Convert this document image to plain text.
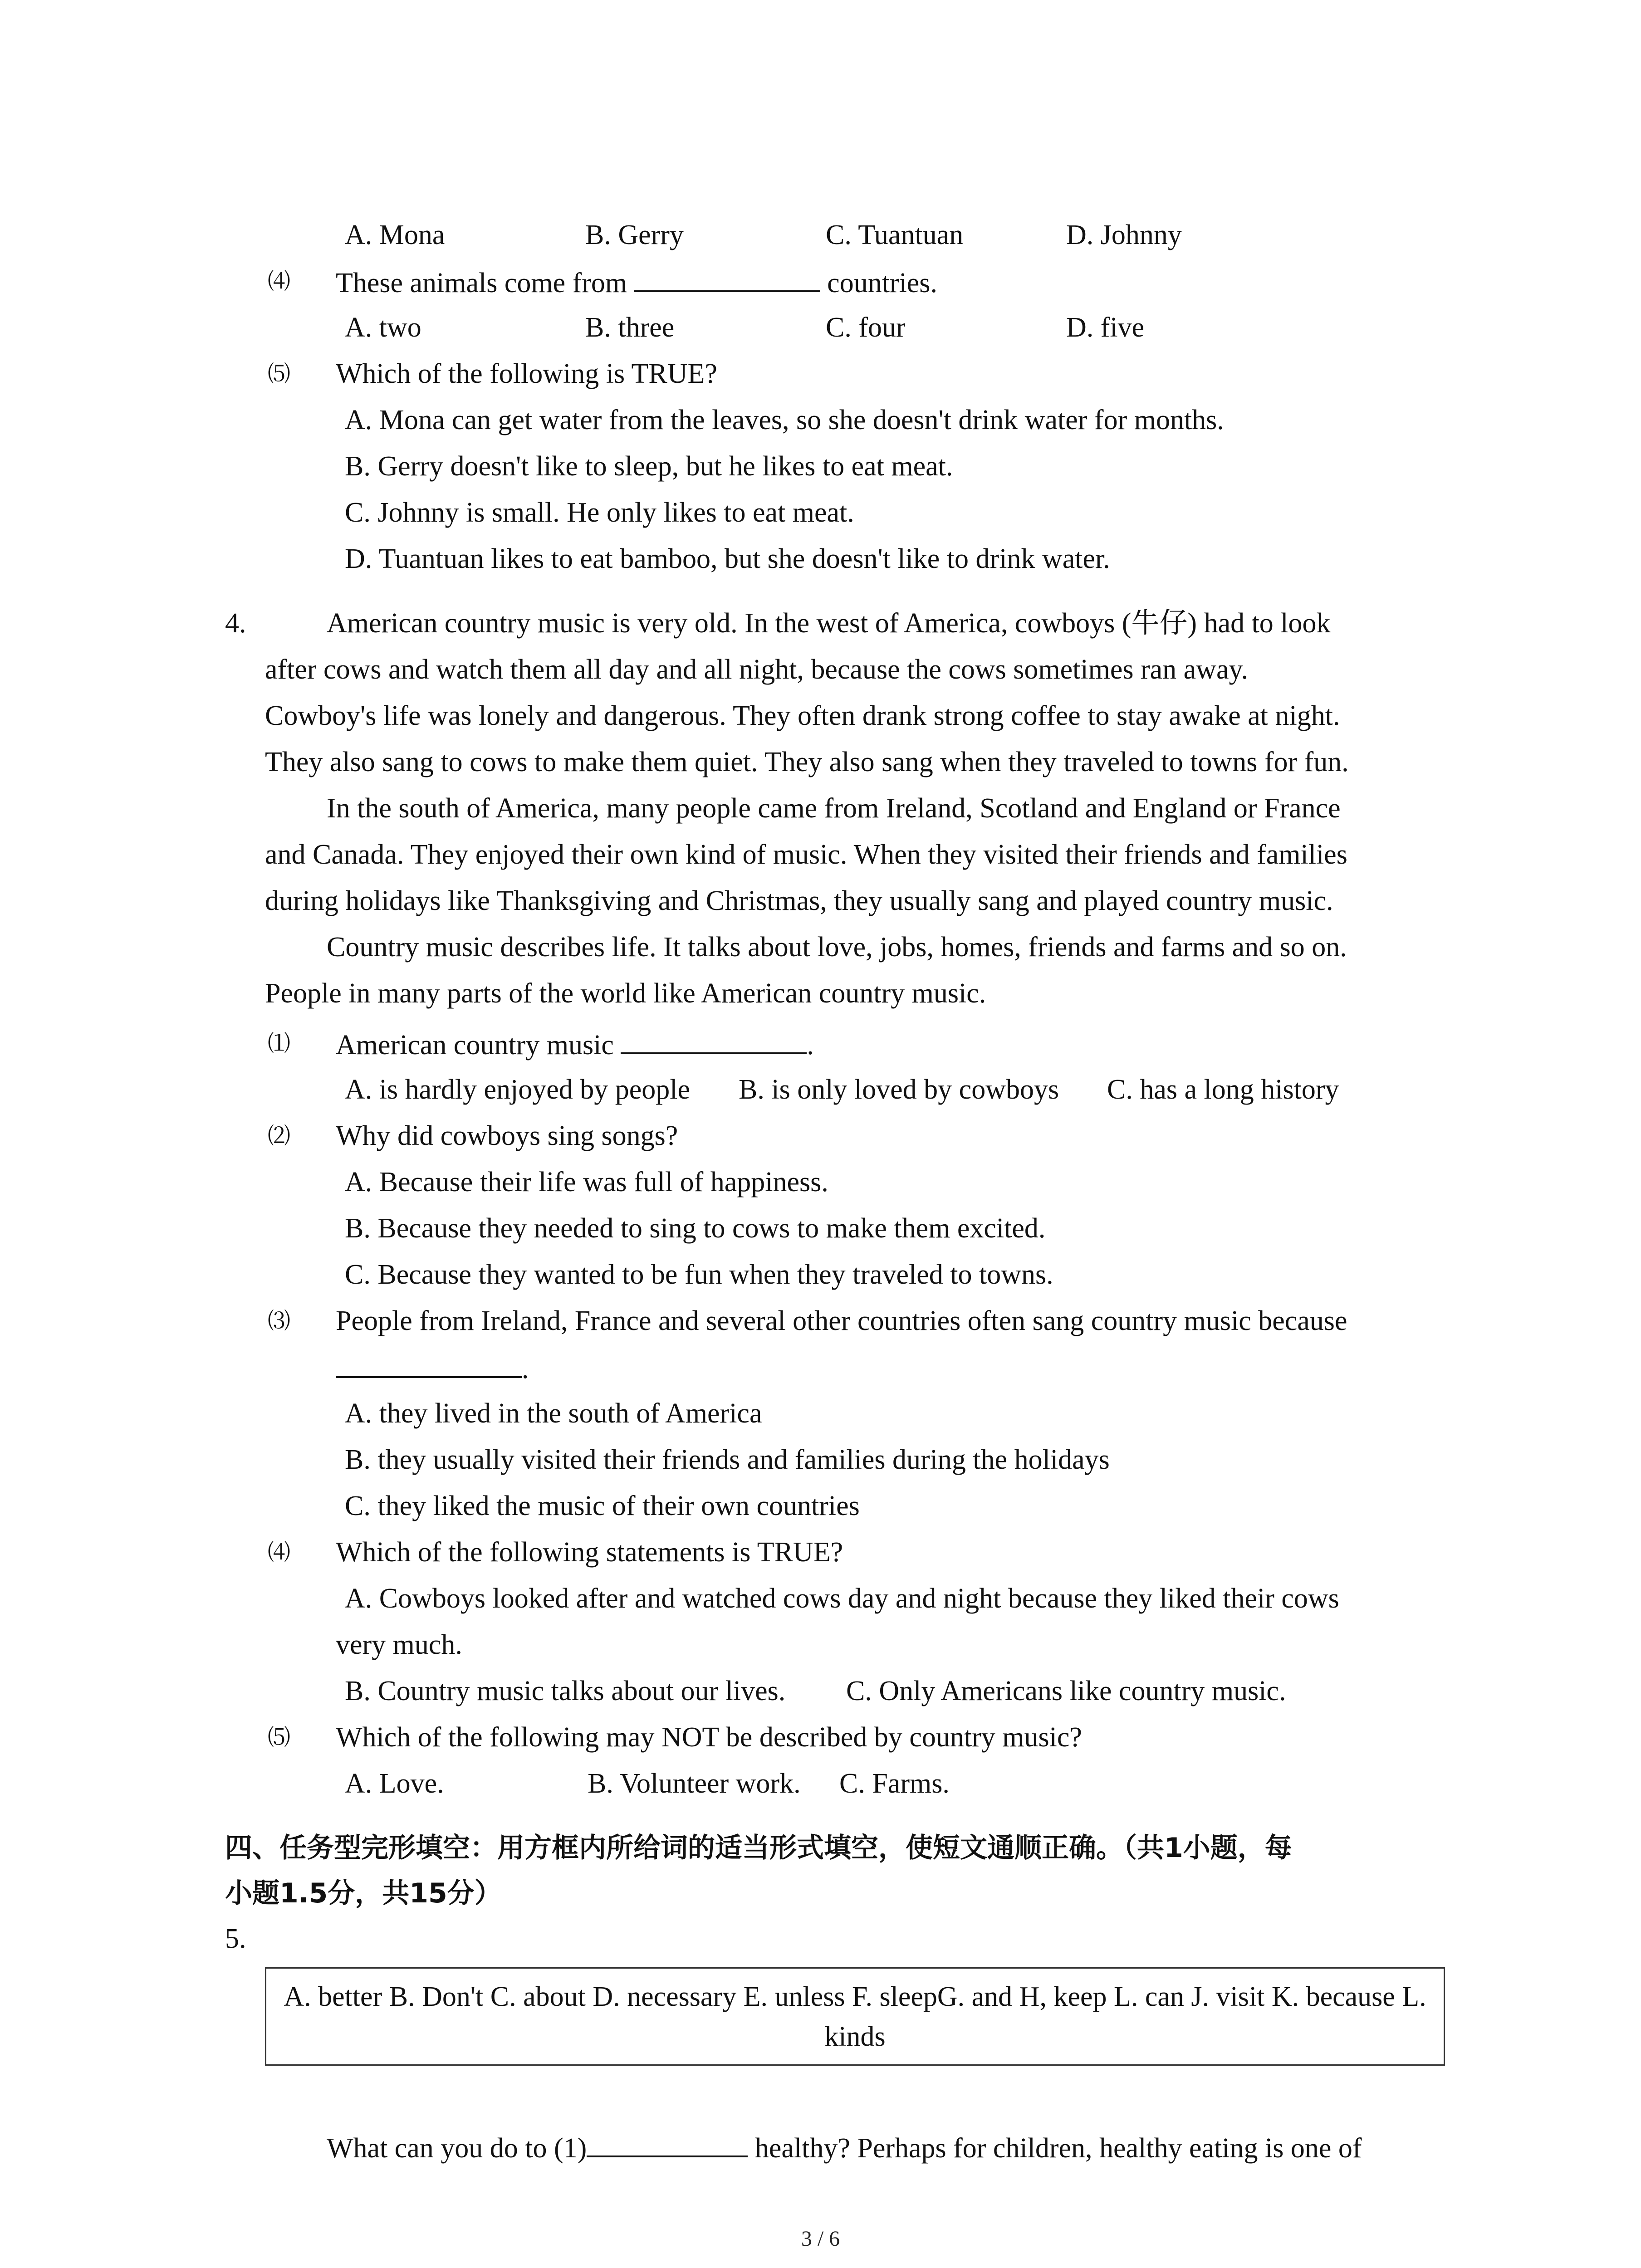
A. Mona	B. Gerry	C. Tuantuan	D. Johnny
⑷ These animals come from	countries.
A. two	B. three	C. four	D. five
⑸ Which of the following is TRUE?
A. Mona can get water from the leaves, so she doesn't drink water for months.
B. Gerry doesn't like to sleep, but he likes to eat meat.
C. Johnny is small. He only likes to eat meat.
D. Tuantuan likes to eat bamboo, but she doesn't like to drink water.
4.	American country music is very old. In the west of America, cowboys (牛仔) had to look
after cows and watch them all day and all night, because the cows sometimes ran away.
Cowboy's life was lonely and dangerous. They often drank strong coffee to stay awake at night.
They also sang to cows to make them quiet. They also sang when they traveled to towns for fun.
In the south of America, many people came from Ireland, Scotland and England or France
and Canada. They enjoyed their own kind of music. When they visited their friends and families
during holidays like Thanksgiving and Christmas, they usually sang and played country music.
Country music describes life. It talks about love, jobs, homes, friends and farms and so on.
People in many parts of the world like American country music.
⑴ American country music	.
A. is hardly enjoyed by people B. is only loved by cowboys C. has a long history
⑵ Why did cowboys sing songs?
A. Because their life was full of happiness.
B. Because they needed to sing to cows to make them excited.
C. Because they wanted to be fun when they traveled to towns.
⑶ People from Ireland, France and several other countries often sang country music because
.
A. they lived in the south of America
B. they usually visited their friends and families during the holidays
C. they liked the music of their own countries
⑷ Which of the following statements is TRUE?
A. Cowboys looked after and watched cows day and night because they liked their cows
very much.
B. Country music talks about our lives. C. Only Americans like country music.
⑸ Which of the following may NOT be described by country music?
A. Love.	B. Volunteer work. C. Farms.
四、任务型完形填空：用方框内所给词的适当形式填空，使短文通顺正确。（共1小题，每
小题1.5分，共15分）
5.
A. better B. Don't C. about D. necessary E. unless F. sleepG. and H, keep L. can J. visit K. because L. kinds
What can you do to (1)	healthy? Perhaps for children, healthy eating is one of
3 / 6
